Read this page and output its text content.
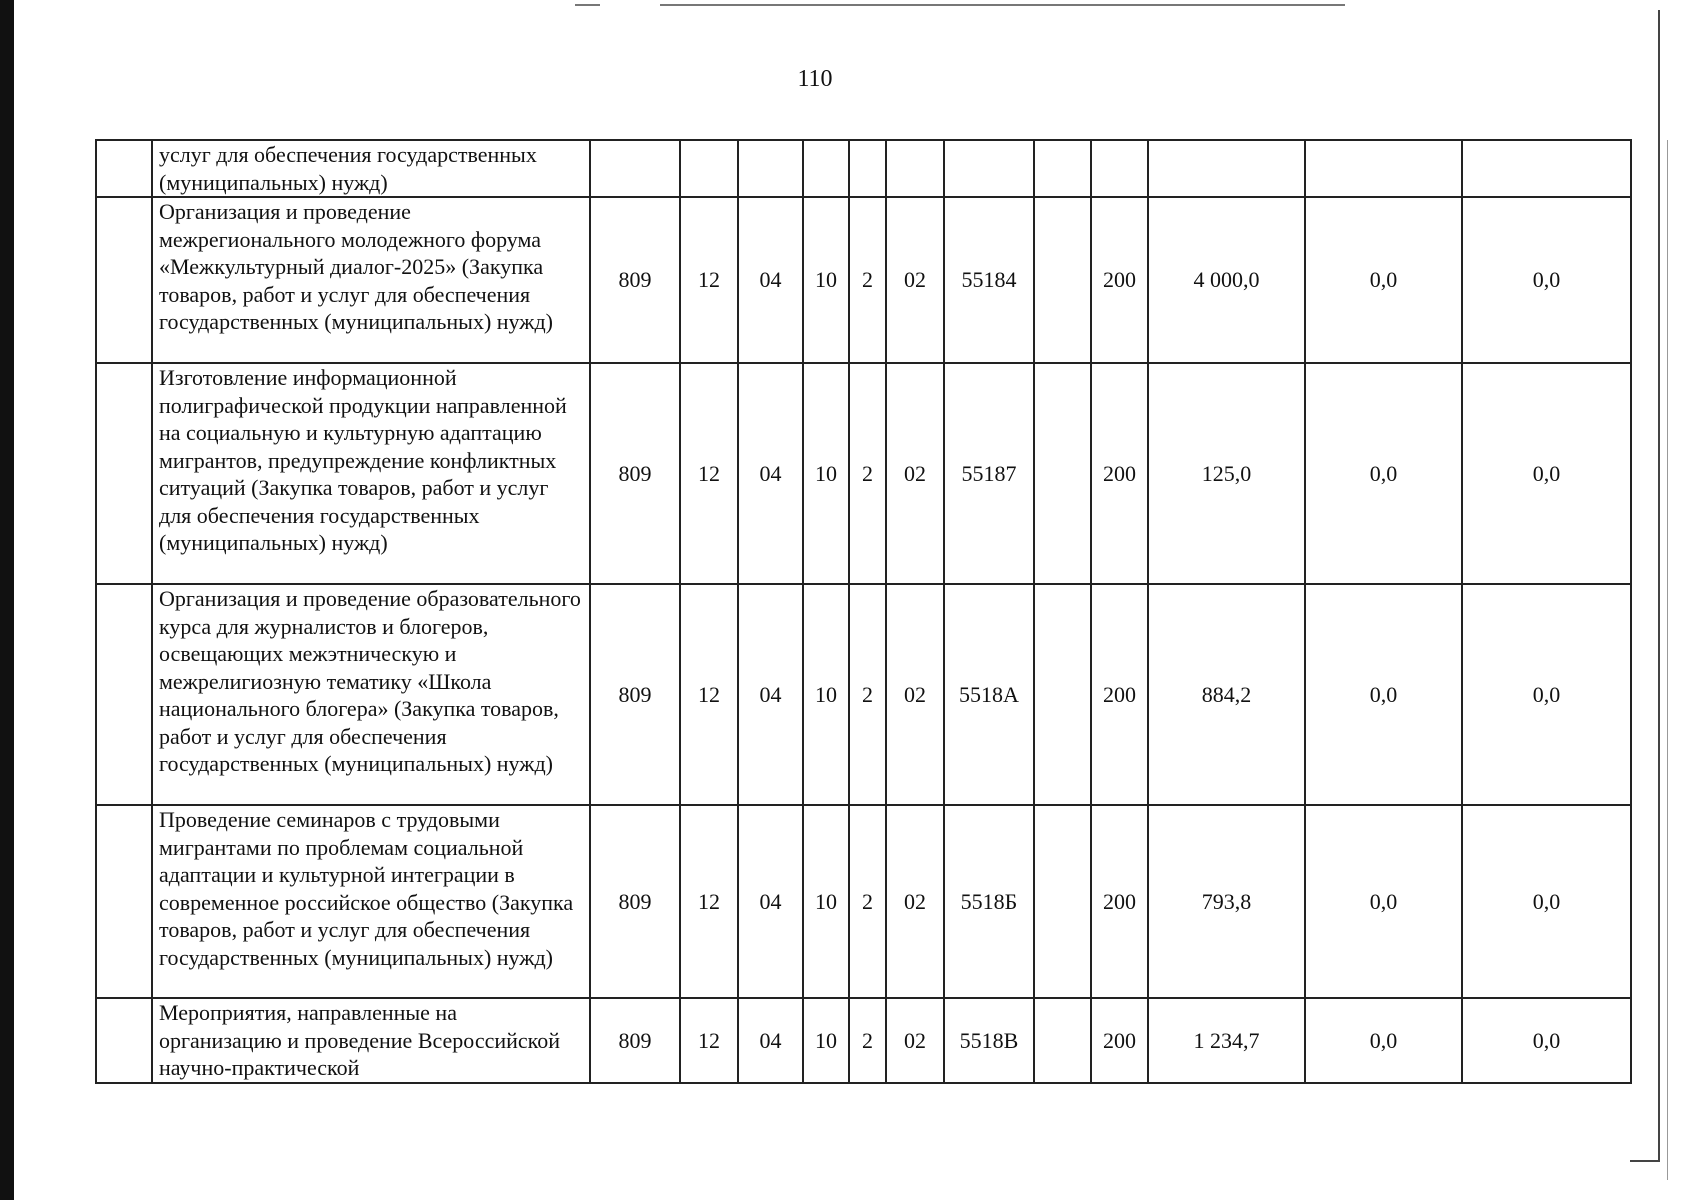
110
	услуг для обеспечения государственных (муниципальных) нужд)												
	Организация и проведение межрегионального молодежного форума «Межкультурный диалог-2025» (Закупка товаров, работ и услуг для обеспечения государственных (муниципальных) нужд)	809	12	04	10	2	02	55184		200	4 000,0	0,0	0,0
	Изготовление информационной полиграфической продукции направленной на социальную и культурную адаптацию мигрантов, предупреждение конфликтных ситуаций (Закупка товаров, работ и услуг для обеспечения государственных (муниципальных) нужд)	809	12	04	10	2	02	55187		200	125,0	0,0	0,0
	Организация и проведение образовательного курса для журналистов и блогеров, освещающих межэтническую и межрелигиозную тематику «Школа национального блогера» (Закупка товаров, работ и услуг для обеспечения государственных (муниципальных) нужд)	809	12	04	10	2	02	5518А		200	884,2	0,0	0,0
	Проведение семинаров с трудовыми мигрантами по проблемам социальной адаптации и культурной интеграции в современное российское общество (Закупка товаров, работ и услуг для обеспечения государственных (муниципальных) нужд)	809	12	04	10	2	02	5518Б		200	793,8	0,0	0,0
	Мероприятия, направленные на организацию и проведение Всероссийской научно-практической	809	12	04	10	2	02	5518В		200	1 234,7	0,0	0,0
